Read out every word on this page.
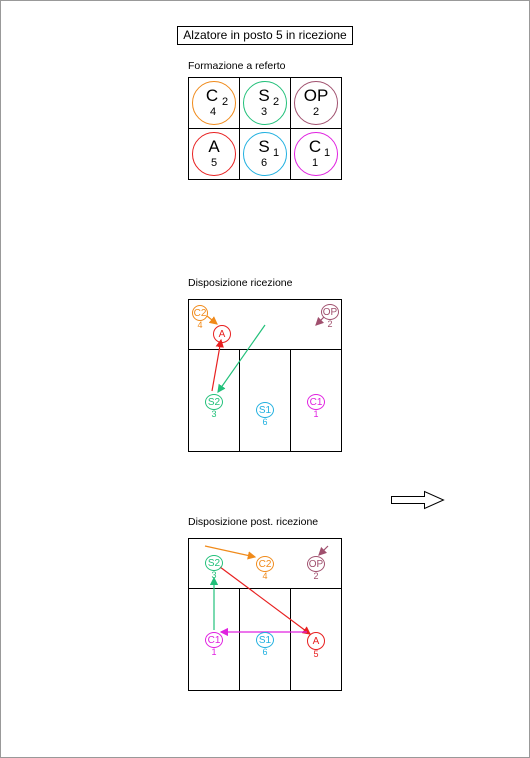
Alzatore in posto 5 in ricezione
Formazione a referto
C 2
4
S 2
3
OP
2
A
5
S 1
6
C 1
1
Disposizione ricezione
C2
4
A
OP
2
S2
3	S1
6
C1
1
Disposizione post. ricezione
S2
3
C2
4
OP
2
C1
1
S1
6
A
5
